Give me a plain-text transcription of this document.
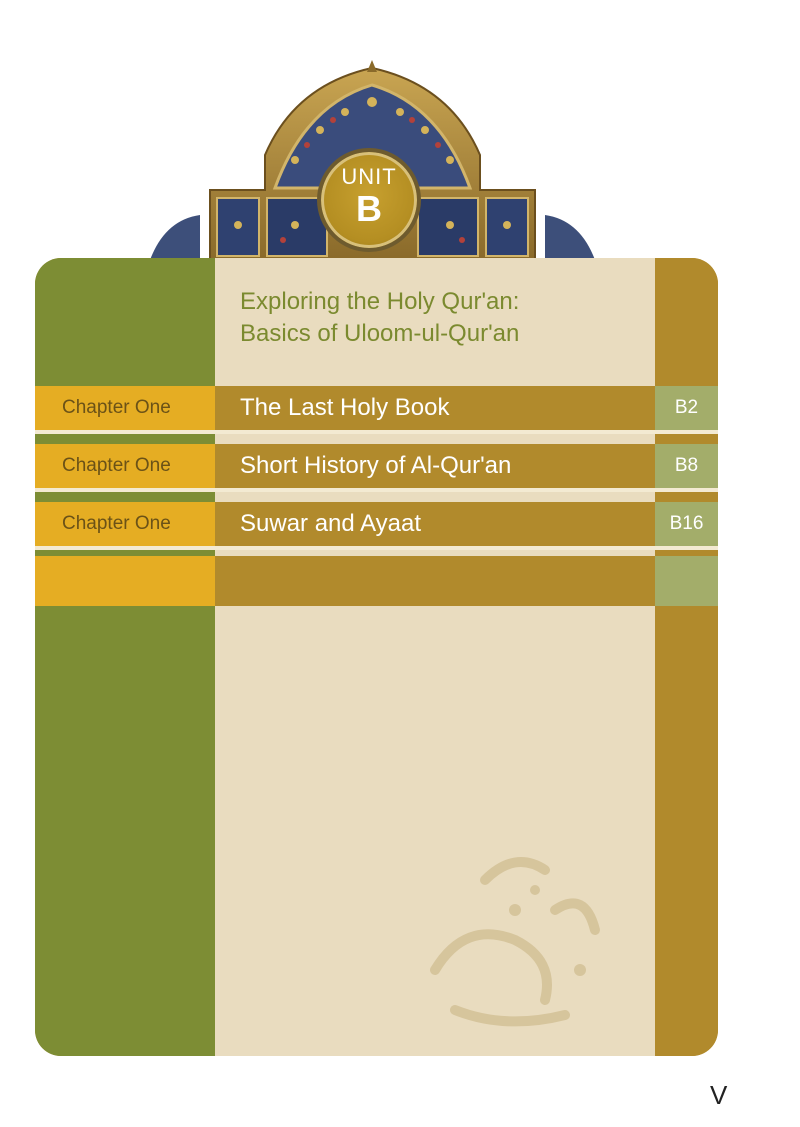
UNIT
B
Exploring the Holy Qur'an:
Basics of Uloom-ul-Qur'an
Chapter One	The Last Holy Book	B2
Chapter One	Short History of Al-Qur'an	B8
Chapter One	Suwar and Ayaat	B16
V
